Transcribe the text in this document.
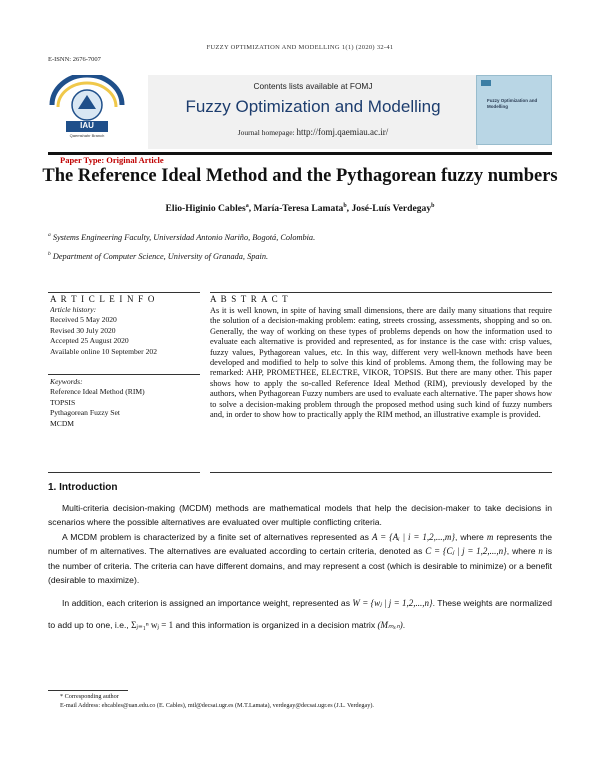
FUZZY OPTIMIZATION AND MODELLING 1(1) (2020) 32-41
E-ISNN: 2676-7007
IAU
Qaemshahr Branch
Contents lists available at FOMJ
Fuzzy Optimization and Modelling
Journal homepage: http://fomj.qaemiau.ac.ir/
Fuzzy Optimization and Modelling
Paper Type: Original Article
The Reference Ideal Method and the Pythagorean fuzzy numbers
Elio-Higinio Cables$^a$, María-Teresa Lamata$^b$, José-Luís Verdegay$^b$
$^a$ Systems Engineering Faculty, Universidad Antonio Nariño, Bogotá, Colombia.
$^b$ Department of Computer Science, University of Granada, Spain.
A R T I C L E I N F O	A B S T R A C T
Article history:
Received 5 May 2020
Revised 30 July 2020
Accepted 25 August 2020
Available online 10 September 202
Keywords:
Reference Ideal Method (RIM)
TOPSIS
Pythagorean Fuzzy Set
MCDM
As it is well known, in spite of having small dimensions, there are daily many situations that require the solution of a decision-making problem: eating, streets crossing, assessments, shopping and so on. Generally, the way of working on these types of problems depends on how the information used to evaluate each alternative is provided and represented, as for instance is the case with: crisp values, fuzzy values, Pythagorean values, etc. In this way, different very well-known methods have been developed and modified to help to solve this kind of problems. Among them, the following may be remarked: AHP, PROMETHEE, ELECTRE, VIKOR, TOPSIS. But there are many other. This paper shows how to apply the so-called Reference Ideal Method (RIM), previously developed by the authors, when Pythagorean Fuzzy numbers are used to evaluate each alternative. The paper shows how to solve a decision-making problem through the proposed method using such kind of fuzzy numbers and, in order to show how to practically apply the RIM method, an illustrative example is provided.
1. Introduction
Multi-criteria decision-making (MCDM) methods are mathematical models that help the decision-maker to take decisions in scenarios where the possible alternatives are evaluated over multiple conflicting criteria.
A MCDM problem is characterized by a finite set of alternatives represented as A = {Aᵢ | i = 1,2,...,m}, where m represents the number of m alternatives. The alternatives are evaluated according to certain criteria, denoted as C = {Cⱼ | j = 1,2,...,n}, where n is the number of criteria. The criteria can have different domains, and may represent a cost (which is desirable to minimize) or a benefit (desirable to maximize).
In addition, each criterion is assigned an importance weight, represented as W = {wⱼ | j = 1,2,...,n}. These weights are normalized to add up to one, i.e., Σⱼ₌₁ⁿ wⱼ = 1 and this information is organized in a decision matrix (Mₘₓₙ).
* Corresponding author
E-mail Address: ehcables@uan.edu.co (E. Cables), mtl@decsai.ugr.es (M.T.Lamata), verdegay@decsai.ugr.es (J.L. Verdegay).
